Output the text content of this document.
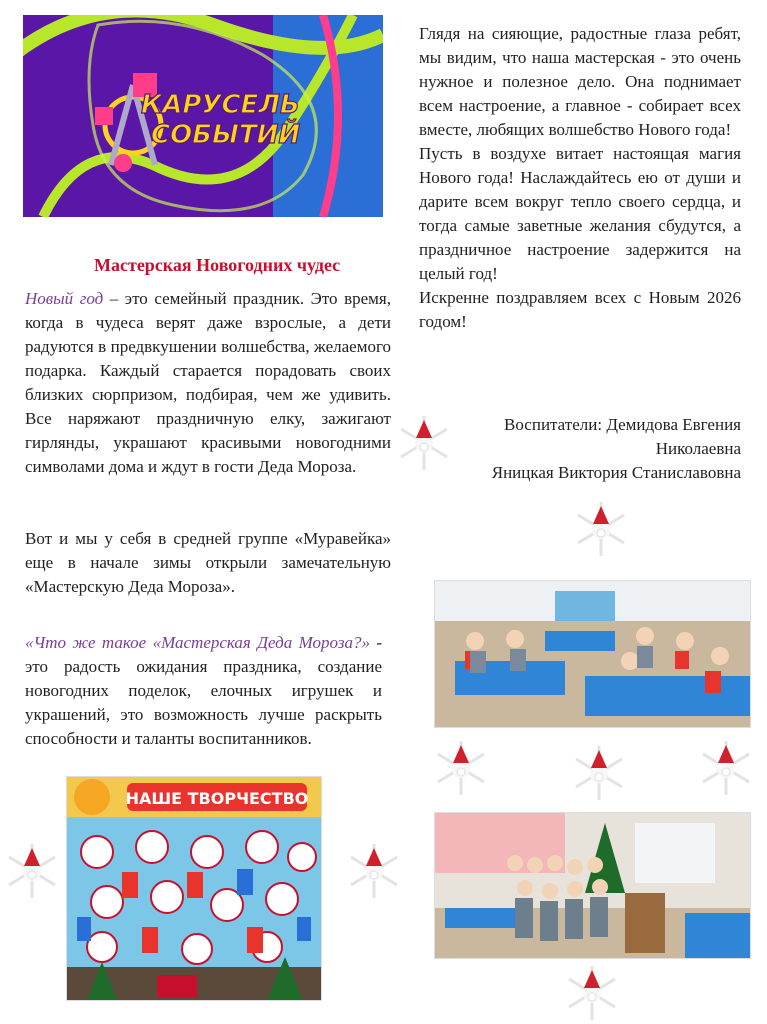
КАРУСЕЛЬ
СОБЫТИЙ
Мастерская Новогодних чудес

Новый год – это семейный праздник. Это время, когда в чудеса верят даже взрослые, а дети радуются в предвкушении волшебства, желаемого подарка. Каждый старается порадовать своих близких сюрпризом, подбирая, чем же удивить. Все наряжают праздничную елку, зажигают гирлянды, украшают красивыми новогодними символами дома и ждут в гости Деда Мороза.

Вот и мы у себя в средней группе «Муравейка» еще в начале зимы открыли замечательную «Мастерскую Деда Мороза».

«Что же такое «Мастерская Деда Мороза?» - это радость ожидания праздника, создание новогодних поделок, елочных игрушек и украшений, это возможность лучше раскрыть способности и таланты воспитанников.

Глядя на сияющие, радостные глаза ребят, мы видим, что наша мастерская - это очень нужное и полезное дело. Она поднимает всем настроение, а главное - собирает всех вместе, любящих волшебство Нового года!

Пусть в воздухе витает настоящая магия Нового года! Наслаждайтесь ею от души и дарите всем вокруг тепло своего сердца, и тогда самые заветные желания сбудутся, а праздничное настроение задержится на целый год!

Искренне поздравляем всех с Новым 2026 годом!

Воспитатели: Демидова Евгения
Николаевна
Яницкая Виктория Станиславовна
НАШЕ ТВОРЧЕСТВО
